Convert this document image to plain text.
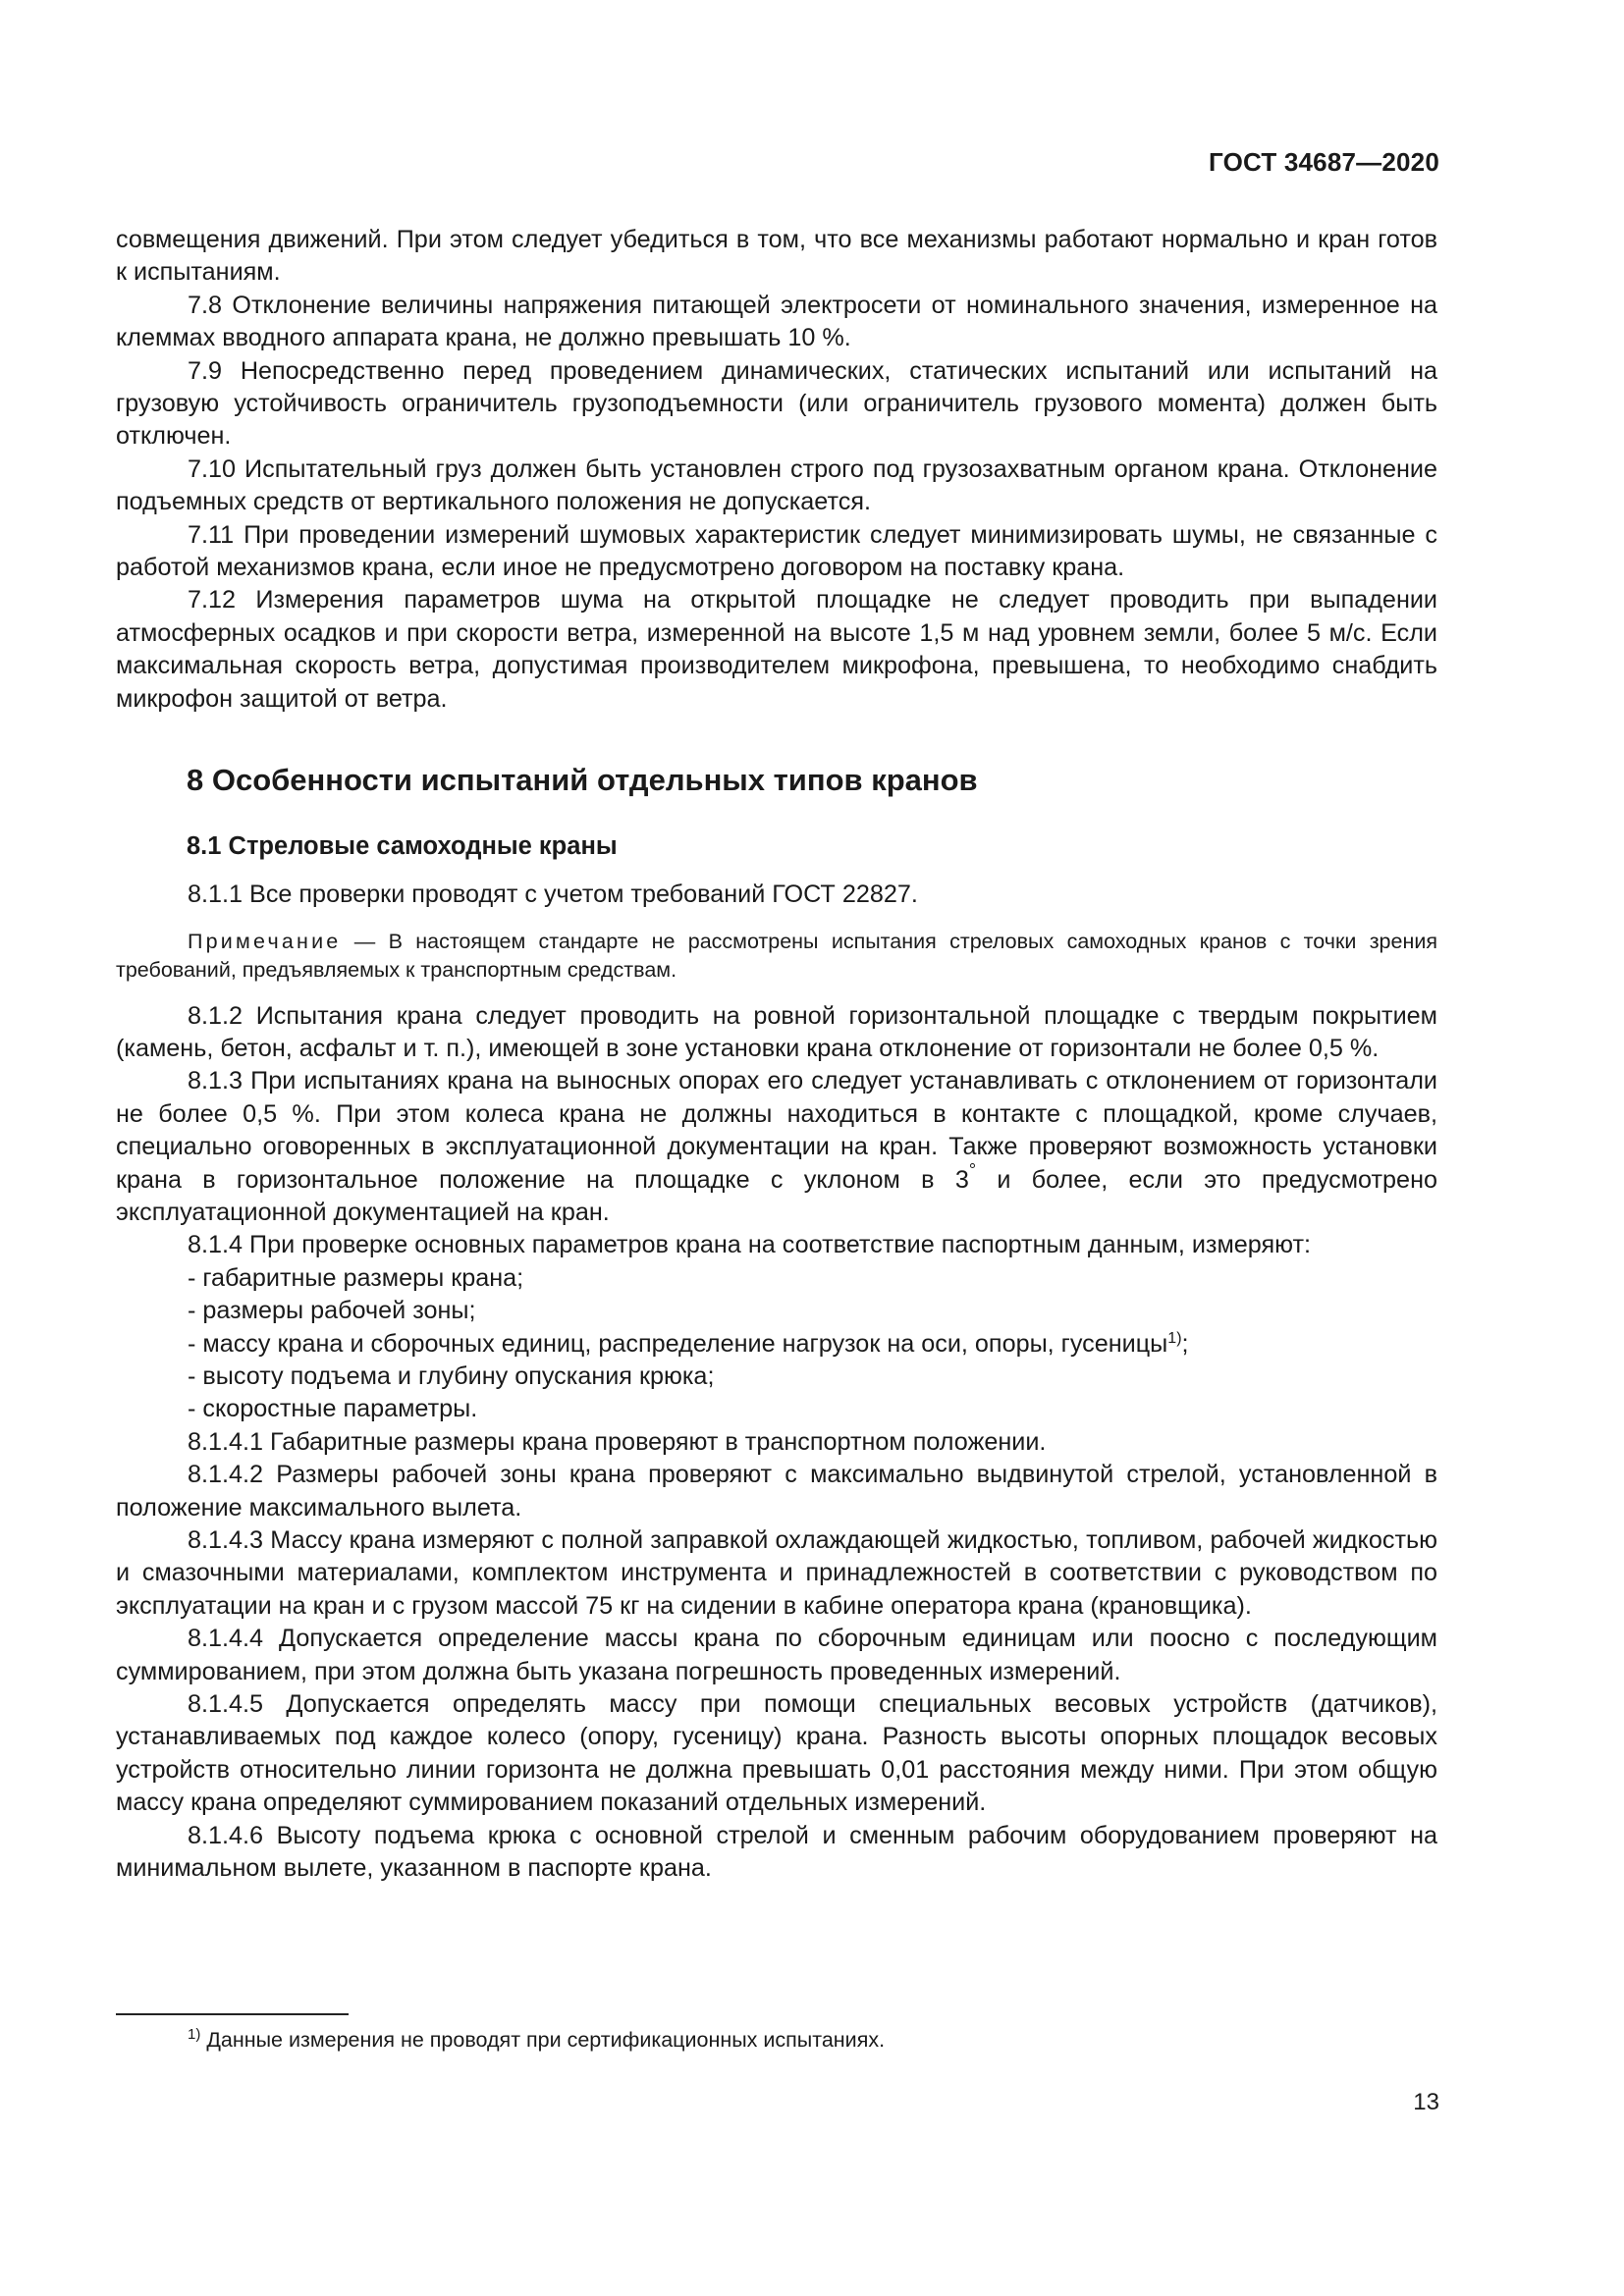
ГОСТ 34687—2020

совмещения движений. При этом следует убедиться в том, что все механизмы работают нормально и кран готов к испытаниям.

7.8 Отклонение величины напряжения питающей электросети от номинального значения, измеренное на клеммах вводного аппарата крана, не должно превышать 10 %.

7.9 Непосредственно перед проведением динамических, статических испытаний или испытаний на грузовую устойчивость ограничитель грузоподъемности (или ограничитель грузового момента) должен быть отключен.

7.10 Испытательный груз должен быть установлен строго под грузозахватным органом крана. Отклонение подъемных средств от вертикального положения не допускается.

7.11 При проведении измерений шумовых характеристик следует минимизировать шумы, не связанные с работой механизмов крана, если иное не предусмотрено договором на поставку крана.

7.12 Измерения параметров шума на открытой площадке не следует проводить при выпадении атмосферных осадков и при скорости ветра, измеренной на высоте 1,5 м над уровнем земли, более 5 м/с. Если максимальная скорость ветра, допустимая производителем микрофона, превышена, то необходимо снабдить микрофон защитой от ветра.

8 Особенности испытаний отдельных типов кранов
8.1 Стреловые самоходные краны

8.1.1 Все проверки проводят с учетом требований ГОСТ 22827.

Примечание — В настоящем стандарте не рассмотрены испытания стреловых самоходных кранов с точки зрения требований, предъявляемых к транспортным средствам.

8.1.2 Испытания крана следует проводить на ровной горизонтальной площадке с твердым покрытием (камень, бетон, асфальт и т. п.), имеющей в зоне установки крана отклонение от горизонтали не более 0,5 %.

8.1.3 При испытаниях крана на выносных опорах его следует устанавливать с отклонением от горизонтали не более 0,5 %. При этом колеса крана не должны находиться в контакте с площадкой, кроме случаев, специально оговоренных в эксплуатационной документации на кран. Также проверяют возможность установки крана в горизонтальное положение на площадке с уклоном в 3° и более, если это предусмотрено эксплуатационной документацией на кран.

8.1.4 При проверке основных параметров крана на соответствие паспортным данным, измеряют:

- габаритные размеры крана;
- размеры рабочей зоны;
- массу крана и сборочных единиц, распределение нагрузок на оси, опоры, гусеницы$^{1)}$;
- высоту подъема и глубину опускания крюка;
- скоростные параметры.

8.1.4.1 Габаритные размеры крана проверяют в транспортном положении.

8.1.4.2 Размеры рабочей зоны крана проверяют с максимально выдвинутой стрелой, установленной в положение максимального вылета.

8.1.4.3 Массу крана измеряют с полной заправкой охлаждающей жидкостью, топливом, рабочей жидкостью и смазочными материалами, комплектом инструмента и принадлежностей в соответствии с руководством по эксплуатации на кран и с грузом массой 75 кг на сидении в кабине оператора крана (крановщика).

8.1.4.4 Допускается определение массы крана по сборочным единицам или поосно с последующим суммированием, при этом должна быть указана погрешность проведенных измерений.

8.1.4.5 Допускается определять массу при помощи специальных весовых устройств (датчиков), устанавливаемых под каждое колесо (опору, гусеницу) крана. Разность высоты опорных площадок весовых устройств относительно линии горизонта не должна превышать 0,01 расстояния между ними. При этом общую массу крана определяют суммированием показаний отдельных измерений.

8.1.4.6 Высоту подъема крюка с основной стрелой и сменным рабочим оборудованием проверяют на минимальном вылете, указанном в паспорте крана.

$^{1)}$ Данные измерения не проводят при сертификационных испытаниях.
13
